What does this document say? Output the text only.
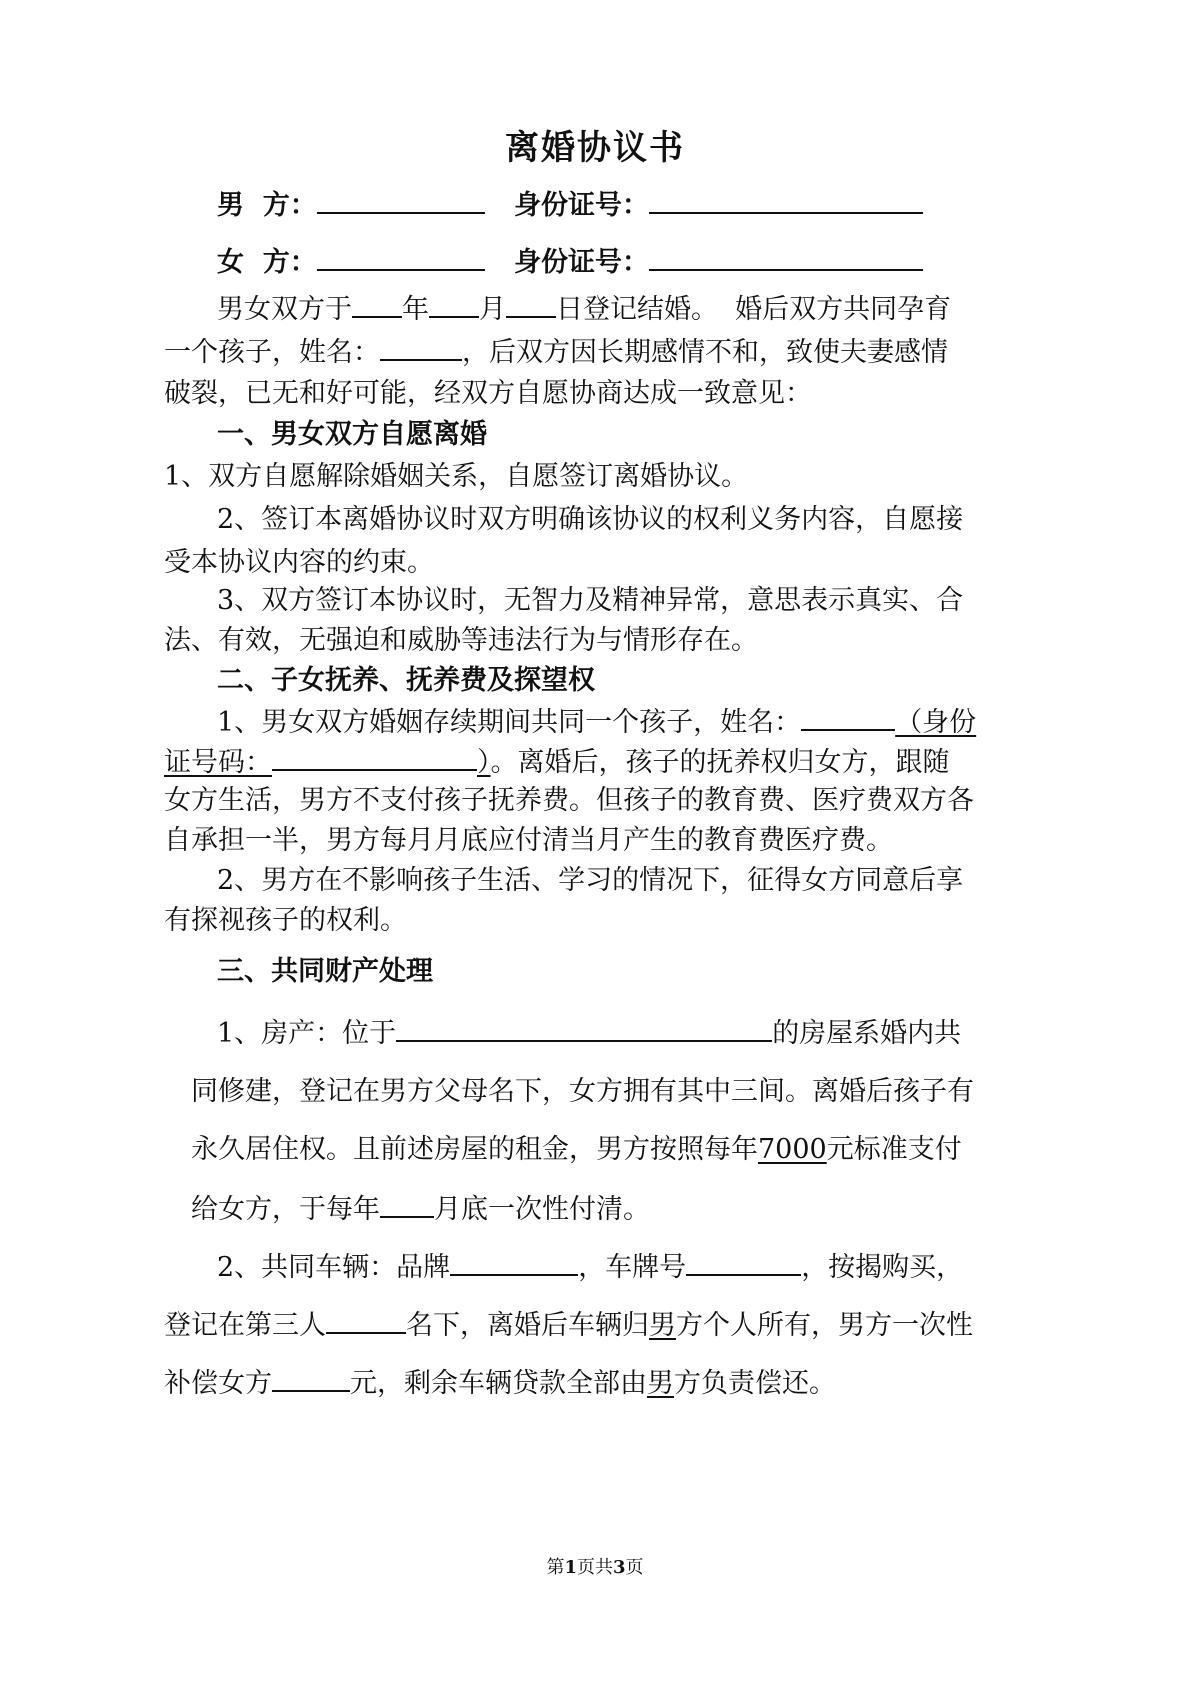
离婚协议书
男  方：	身份证号：
女  方：	身份证号：
男女双方于 年 月 日登记结婚。  婚后双方共同孕育
一个孩子，姓名：	，后双方因长期感情不和，致使夫妻感情
破裂，已无和好可能，经双方自愿协商达成一致意见：
一、男女双方自愿离婚
1、双方自愿解除婚姻关系，自愿签订离婚协议。
2、签订本离婚协议时双方明确该协议的权利义务内容，自愿接
受本协议内容的约束。
3、双方签订本协议时，无智力及精神异常，意思表示真实、合
法、有效，无强迫和威胁等违法行为与情形存在。
二、子女抚养、抚养费及探望权
1、男女双方婚姻存续期间共同一个孩子，姓名：	（身份
证号码：	）。离婚后，孩子的抚养权归女方，跟随
女方生活，男方不支付孩子抚养费。但孩子的教育费、医疗费双方各
自承担一半，男方每月月底应付清当月产生的教育费医疗费。
2、男方在不影响孩子生活、学习的情况下，征得女方同意后享
有探视孩子的权利。
三、共同财产处理
1、房产：位于	的房屋系婚内共
同修建，登记在男方父母名下，女方拥有其中三间。离婚后孩子有
永久居住权。且前述房屋的租金，男方按照每年7000元标准支付
给女方，于每年 月底一次性付清。
2、共同车辆：品牌	，车牌号	，按揭购买，
登记在第三人	名下，离婚后车辆归男方个人所有，男方一次性
补偿女方	元，剩余车辆贷款全部由男方负责偿还。
第1页共3页
